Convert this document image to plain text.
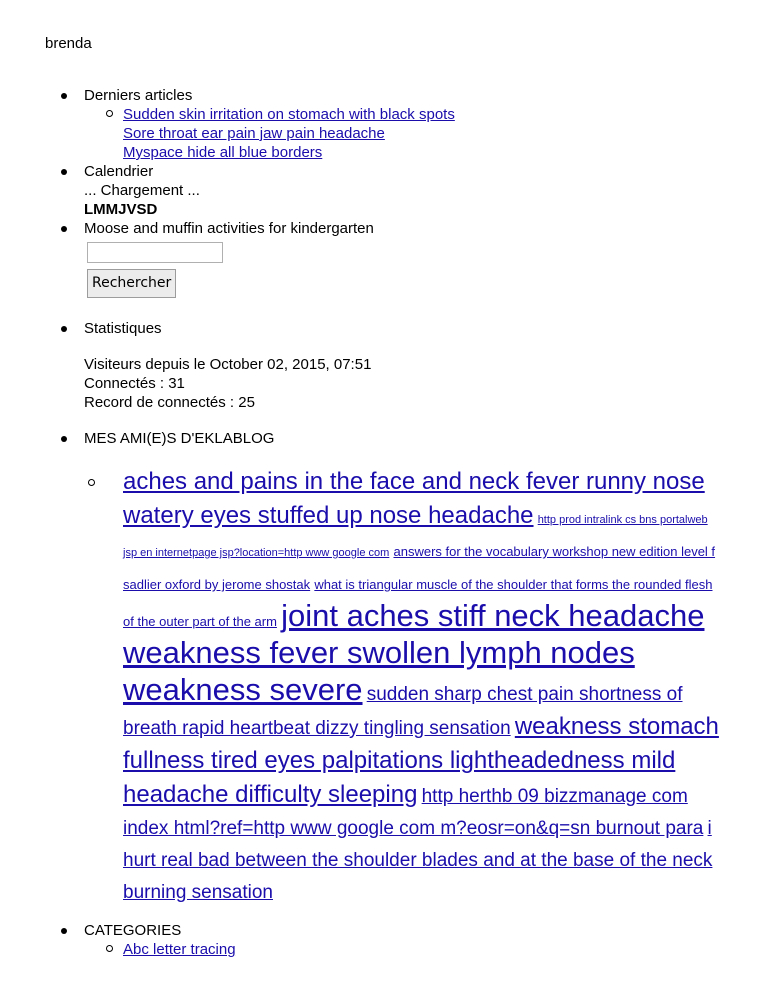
brenda
Derniers articles
Sudden skin irritation on stomach with black spots
Sore throat ear pain jaw pain headache
Myspace hide all blue borders
Calendrier
... Chargement ...
LMMJVSD
Moose and muffin activities for kindergarten
Rechercher
Statistiques

Visiteurs depuis le October 02, 2015, 07:51

Connectés : 31

Record de connectés : 25

MES AMI(E)S D'EKLABLOG
aches and pains in the face and neck fever runny nose watery eyes stuffed up nose headache http prod intralink cs bns portalweb jsp en internetpage jsp?location=http www google com answers for the vocabulary workshop new edition level f sadlier oxford by jerome shostak what is triangular muscle of the shoulder that forms the rounded flesh of the outer part of the arm joint aches stiff neck headache weakness fever swollen lymph nodes weakness severe sudden sharp chest pain shortness of breath rapid heartbeat dizzy tingling sensation weakness stomach fullness tired eyes palpitations lightheadedness mild headache difficulty sleeping http herthb 09 bizzmanage com index html?ref=http www google com m?eosr=on&q=sn burnout para i hurt real bad between the shoulder blades and at the base of the neck burning sensation
CATEGORIES
Abc letter tracing
